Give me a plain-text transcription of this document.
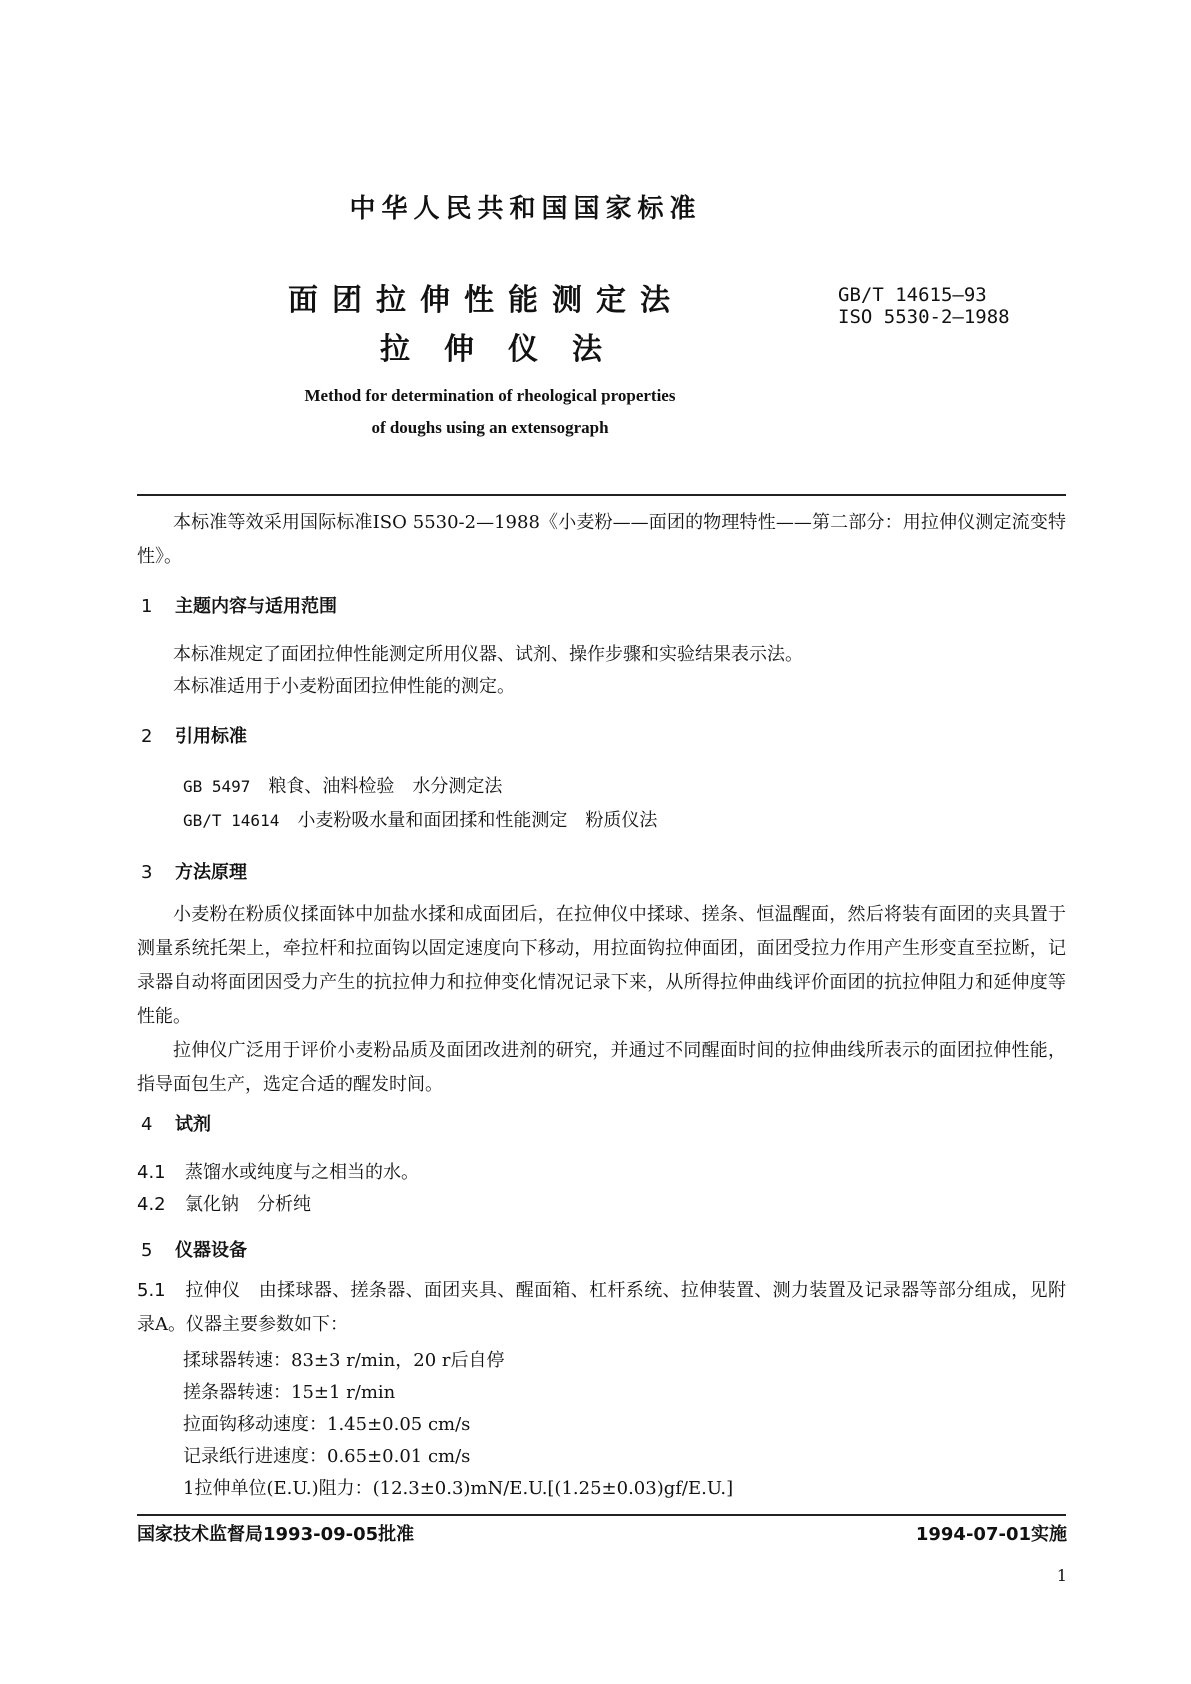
中华人民共和国国家标准
面团拉伸性能测定法
拉伸仪法
GB/T 14615—93
ISO 5530-2—1988
Method for determination of rheological properties
of doughs using an extensograph
本标准等效采用国际标准ISO 5530-2—1988《小麦粉——面团的物理特性——第二部分：用拉伸仪测定流变特性》。
1 主题内容与适用范围
本标准规定了面团拉伸性能测定所用仪器、试剂、操作步骤和实验结果表示法。
本标准适用于小麦粉面团拉伸性能的测定。
2 引用标准
GB 5497 粮食、油料检验　水分测定法
GB/T 14614 小麦粉吸水量和面团揉和性能测定　粉质仪法
3 方法原理
小麦粉在粉质仪揉面钵中加盐水揉和成面团后，在拉伸仪中揉球、搓条、恒温醒面，然后将装有面团的夹具置于测量系统托架上，牵拉杆和拉面钩以固定速度向下移动，用拉面钩拉伸面团，面团受拉力作用产生形变直至拉断，记录器自动将面团因受力产生的抗拉伸力和拉伸变化情况记录下来，从所得拉伸曲线评价面团的抗拉伸阻力和延伸度等性能。
拉伸仪广泛用于评价小麦粉品质及面团改进剂的研究，并通过不同醒面时间的拉伸曲线所表示的面团拉伸性能，指导面包生产，选定合适的醒发时间。
4 试剂
4.1 蒸馏水或纯度与之相当的水。
4.2 氯化钠　分析纯
5 仪器设备
5.1 拉伸仪　由揉球器、搓条器、面团夹具、醒面箱、杠杆系统、拉伸装置、测力装置及记录器等部分组成，见附录A。仪器主要参数如下：
揉球器转速：83±3 r/min，20 r后自停
搓条器转速：15±1 r/min
拉面钩移动速度：1.45±0.05 cm/s
记录纸行进速度：0.65±0.01 cm/s
1拉伸单位(E.U.)阻力：(12.3±0.3)mN/E.U.[(1.25±0.03)gf/E.U.]
国家技术监督局1993-09-05批准	1994-07-01实施
1
